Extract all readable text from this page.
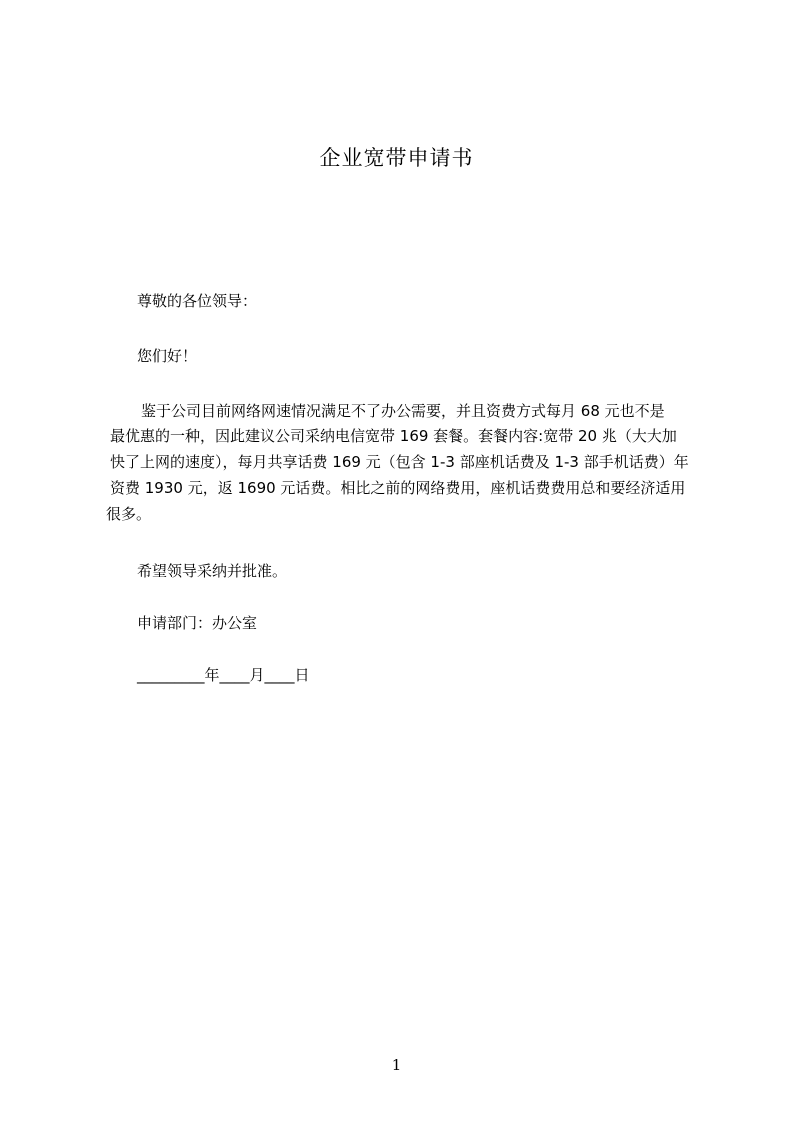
企业宽带申请书
尊敬的各位领导：
您们好！
鉴于公司目前网络网速情况满足不了办公需要，并且资费方式每月 68 元也不是
最优惠的一种，因此建议公司采纳电信宽带 169 套餐。套餐内容:宽带 20 兆（大大加
快了上网的速度），每月共享话费 169 元（包含 1-3 部座机话费及 1-3 部手机话费）年
资费 1930 元，返 1690 元话费。相比之前的网络费用，座机话费费用总和要经济适用
很多。
希望领导采纳并批准。
申请部门：办公室
_________年____月____日
1
